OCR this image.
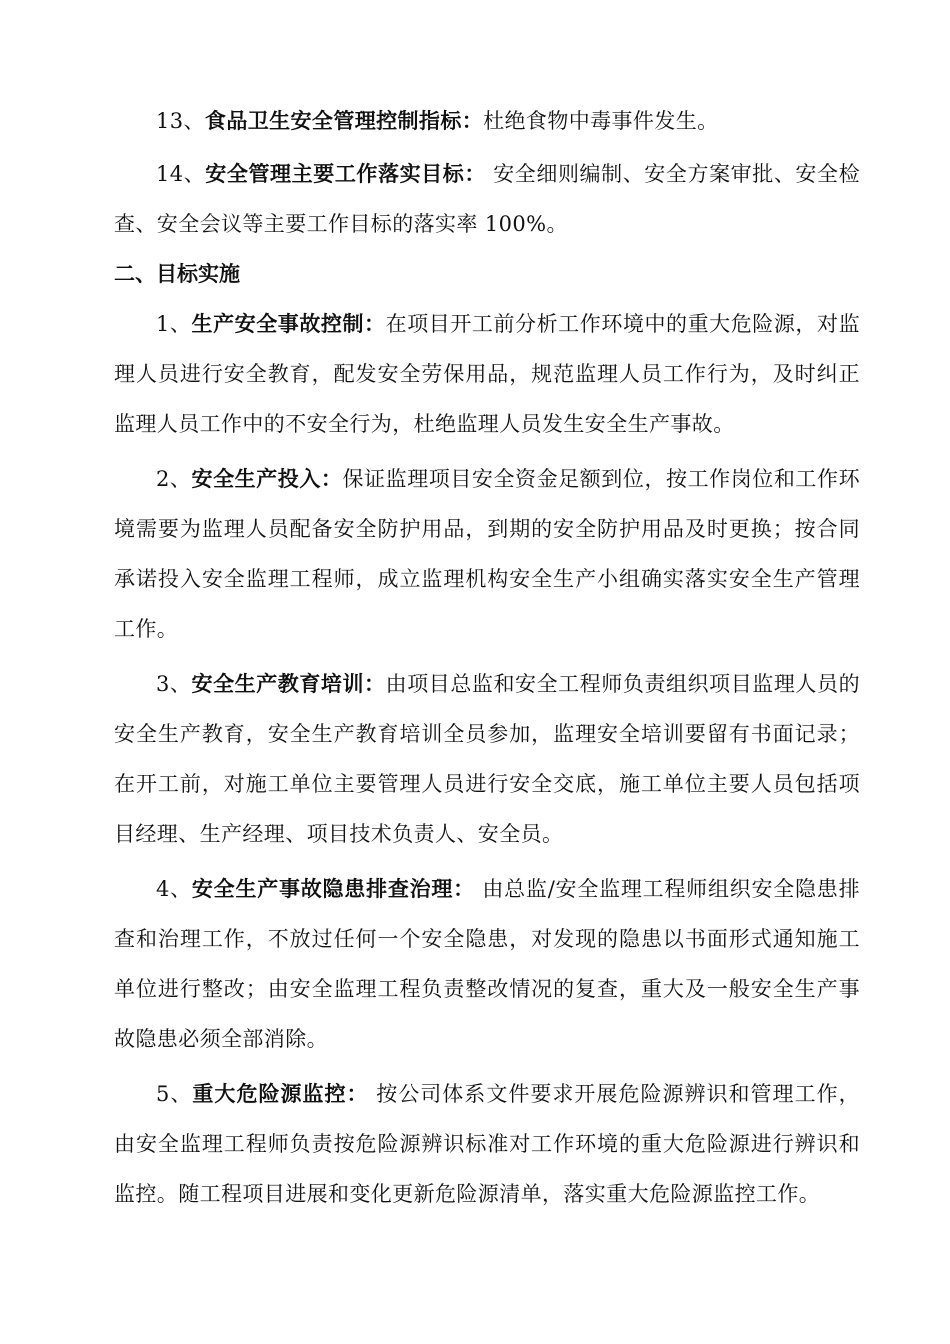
13、食品卫生安全管理控制指标：杜绝食物中毒事件发生。

14、安全管理主要工作落实目标： 安全细则编制、安全方案审批、安全检查、安全会议等主要工作目标的落实率 100%。

二、目标实施

1、生产安全事故控制：在项目开工前分析工作环境中的重大危险源，对监理人员进行安全教育，配发安全劳保用品，规范监理人员工作行为，及时纠正监理人员工作中的不安全行为，杜绝监理人员发生安全生产事故。

2、安全生产投入：保证监理项目安全资金足额到位，按工作岗位和工作环境需要为监理人员配备安全防护用品，到期的安全防护用品及时更换；按合同承诺投入安全监理工程师，成立监理机构安全生产小组确实落实安全生产管理工作。

3、安全生产教育培训：由项目总监和安全工程师负责组织项目监理人员的安全生产教育，安全生产教育培训全员参加，监理安全培训要留有书面记录；在开工前，对施工单位主要管理人员进行安全交底，施工单位主要人员包括项目经理、生产经理、项目技术负责人、安全员。

4、安全生产事故隐患排查治理： 由总监/安全监理工程师组织安全隐患排查和治理工作，不放过任何一个安全隐患，对发现的隐患以书面形式通知施工单位进行整改；由安全监理工程负责整改情况的复查，重大及一般安全生产事故隐患必须全部消除。

5、重大危险源监控： 按公司体系文件要求开展危险源辨识和管理工作，由安全监理工程师负责按危险源辨识标准对工作环境的重大危险源进行辨识和监控。随工程项目进展和变化更新危险源清单，落实重大危险源监控工作。
